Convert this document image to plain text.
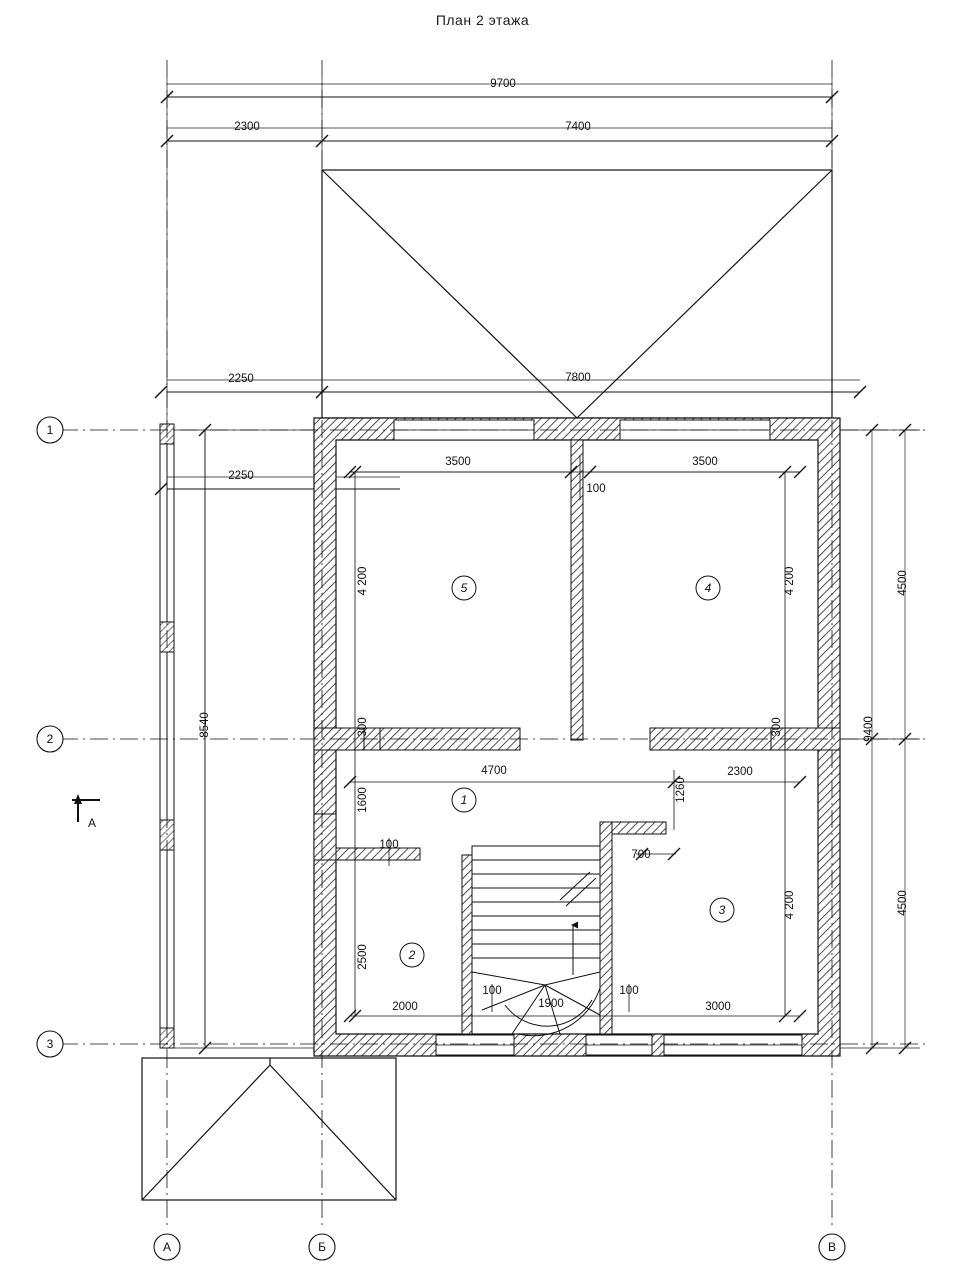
План 2 этажа
9700
2300	7400
2250	7800
2250
3500	3500
100
4700	2300
700
100
1900
100
2000	3000
100
8540
4 200
300
1600
2500
1260
4 200
300
4 200
4500
9400
4500
1
2
3
4
5
1
2
3
A	Б	В
A
